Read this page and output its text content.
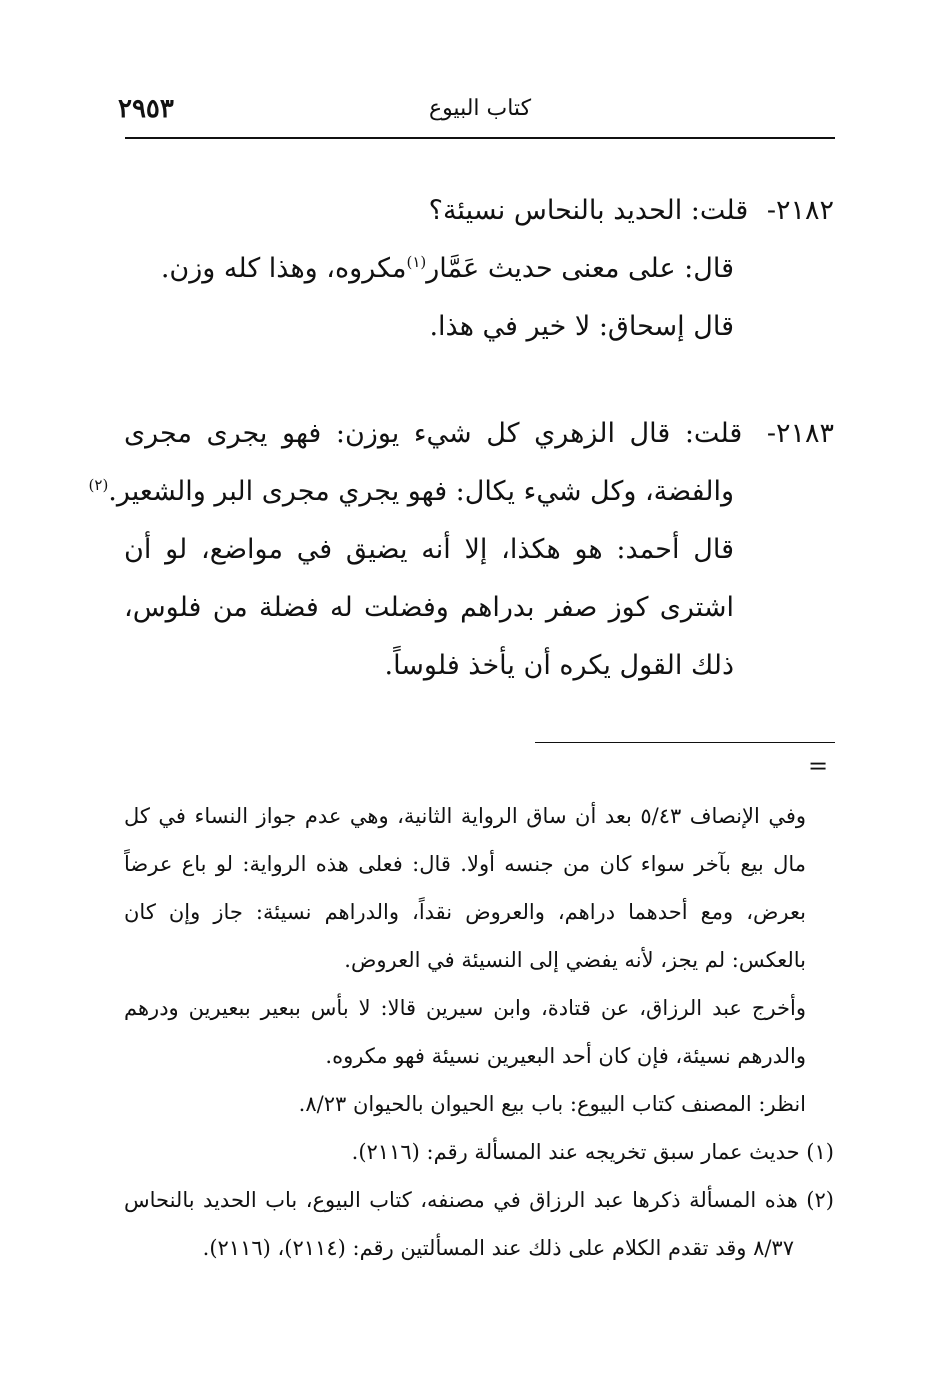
كتاب البيوع
٢٩٥٣
٢١٨٢- قلت: الحديد بالنحاس نسيئة؟
قال: على معنى حديث عَمَّار$^{(١)}$مكروه، وهذا كله وزن.
قال إسحاق: لا خير في هذا.
٢١٨٣- قلت: قال الزهري كل شيء يوزن: فهو يجرى مجرى
والفضة، وكل شيء يكال: فهو يجري مجرى البر والشعير.$^{(٢)}$
قال أحمد: هو هكذا، إلا أنه يضيق في مواضع، لو أن
اشترى كوز صفر بدراهم وفضلت له فضلة من فلوس،
ذلك القول يكره أن يأخذ فلوساً.
=
وفي الإنصاف ٥/٤٣ بعد أن ساق الرواية الثانية، وهي عدم جواز النساء في كل
مال بيع بآخر سواء كان من جنسه أولا. قال: فعلى هذه الرواية: لو باع عرضاً
بعرض، ومع أحدهما دراهم، والعروض نقداً، والدراهم نسيئة: جاز وإن كان
بالعكس: لم يجز، لأنه يفضي إلى النسيئة في العروض.
وأخرج عبد الرزاق، عن قتادة، وابن سيرين قالا: لا بأس ببعير ببعيرين ودرهم
والدرهم نسيئة، فإن كان أحد البعيرين نسيئة فهو مكروه.
انظر: المصنف كتاب البيوع: باب بيع الحيوان بالحيوان ٨/٢٣.
(١) حديث عمار سبق تخريجه عند المسألة رقم: (٢١١٦).
(٢) هذه المسألة ذكرها عبد الرزاق في مصنفه، كتاب البيوع، باب الحديد بالنحاس
٨/٣٧ وقد تقدم الكلام على ذلك عند المسألتين رقم: (٢١١٤)، (٢١١٦).
